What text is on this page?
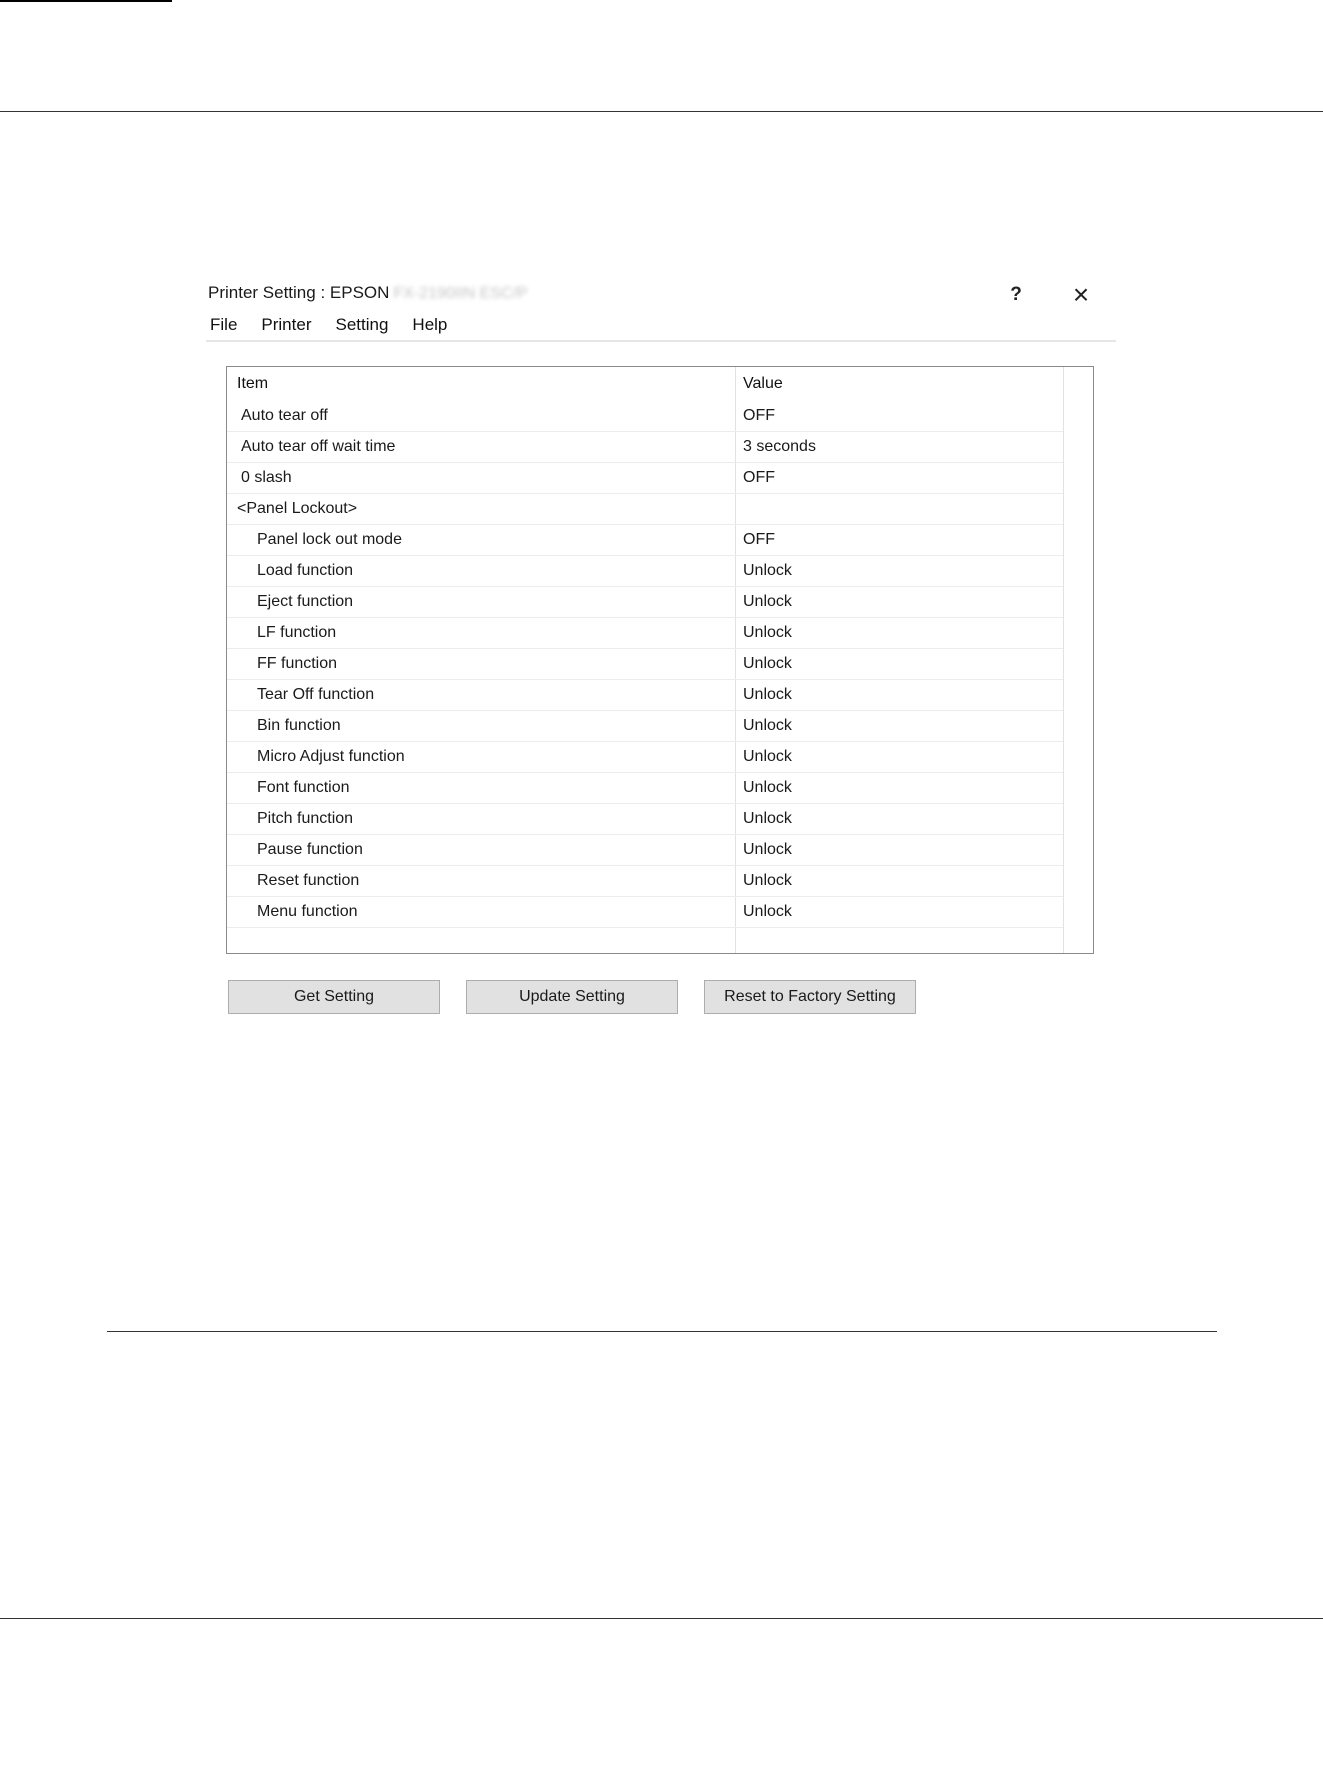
Printer Setting : EPSON FX-2190IIN ESC/P	?	×
File Printer Setting Help
Item	Value
Auto tear off	OFF
Auto tear off wait time	3 seconds
0 slash	OFF
<Panel Lockout>
Panel lock out mode	OFF
Load function	Unlock
Eject function	Unlock
LF function	Unlock
FF function	Unlock
Tear Off function	Unlock
Bin function	Unlock
Micro Adjust function	Unlock
Font function	Unlock
Pitch function	Unlock
Pause function	Unlock
Reset function	Unlock
Menu function	Unlock
Get Setting	Update Setting	Reset to Factory Setting
